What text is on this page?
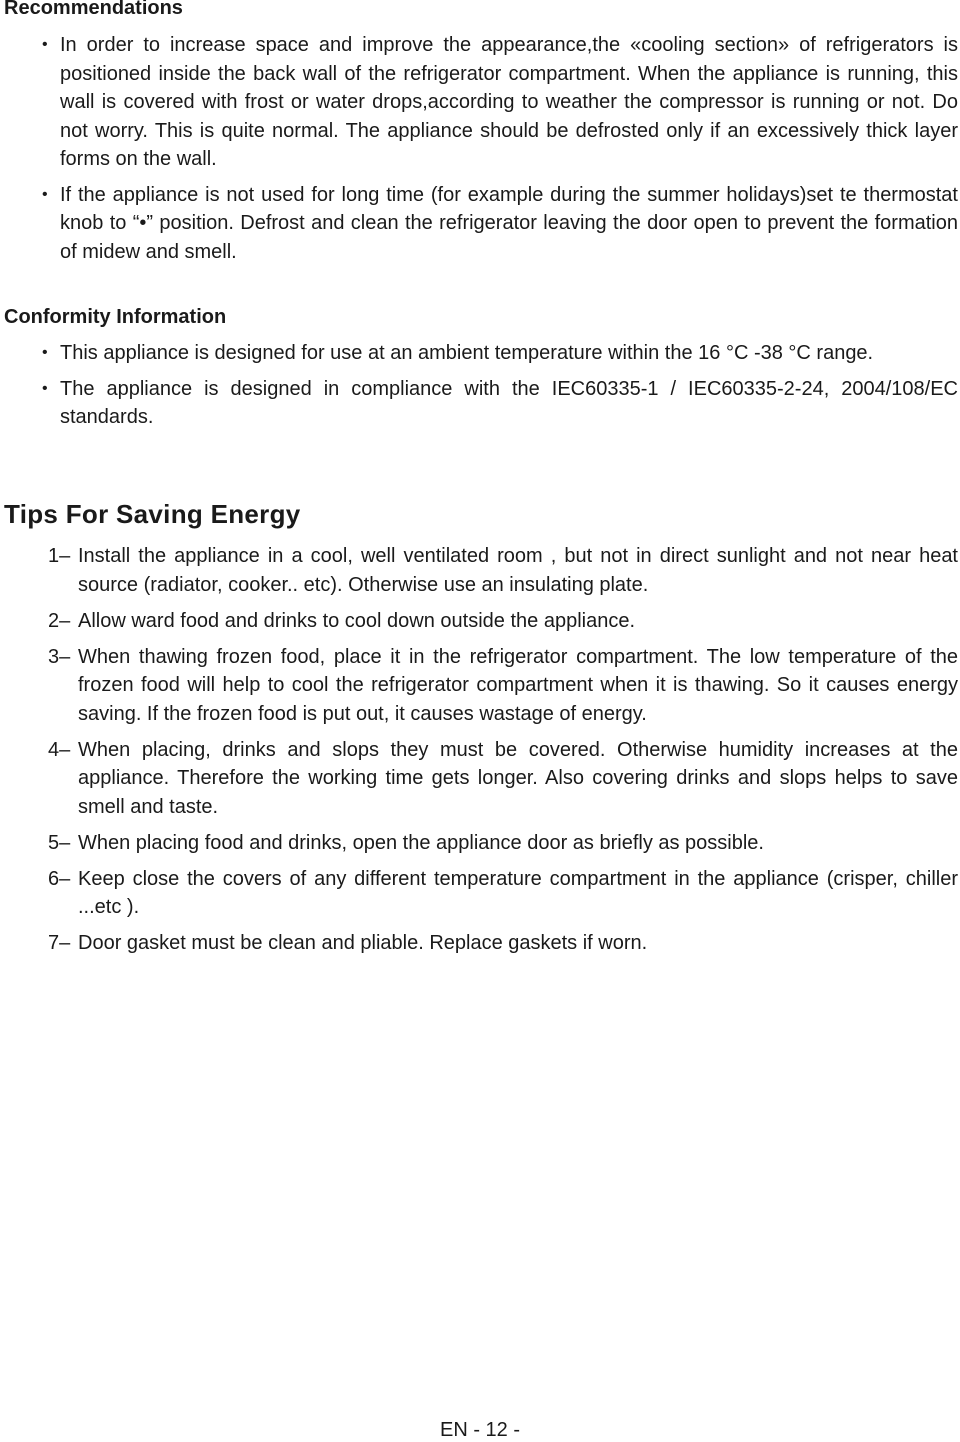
Recommendations
• In order to increase space and improve the appearance,the «cooling section» of refrigerators is positioned inside the back wall of the refrigerator compartment. When the appliance is running, this wall is covered with frost or water drops,according to weather the compressor is running or not. Do not worry. This is quite normal. The appliance should be defrosted only if an excessively thick layer forms on the wall.
• If the appliance is not used for long time (for example during the summer holidays)set te thermostat knob to “•” position. Defrost and clean the refrigerator leaving the door open to prevent the formation of midew and smell.
Conformity Information
• This appliance is designed for use at an ambient temperature within the 16 °C -38 °C range.
• The appliance is designed in compliance with the IEC60335-1 / IEC60335-2-24, 2004/108/EC standards.
Tips For Saving Energy
1– Install the appliance in a cool, well ventilated room , but not in direct sunlight and not near heat source (radiator, cooker.. etc). Otherwise use an insulating plate.
2– Allow ward food and drinks to cool down outside the appliance.
3– When thawing frozen food, place it in the refrigerator compartment. The low temperature of the frozen food will help to cool the refrigerator compartment when it is thawing. So it causes energy saving. If the frozen food is put out, it causes wastage of energy.
4– When placing, drinks and slops they must be covered. Otherwise humidity increases at the appliance. Therefore the working time gets longer. Also covering drinks and slops helps to save smell and taste.
5– When placing food and drinks, open the appliance door as briefly as possible.
6– Keep close the covers of any different temperature compartment in the appliance (crisper, chiller ...etc ).
7– Door gasket must be clean and pliable. Replace gaskets if worn.
EN - 12 -
